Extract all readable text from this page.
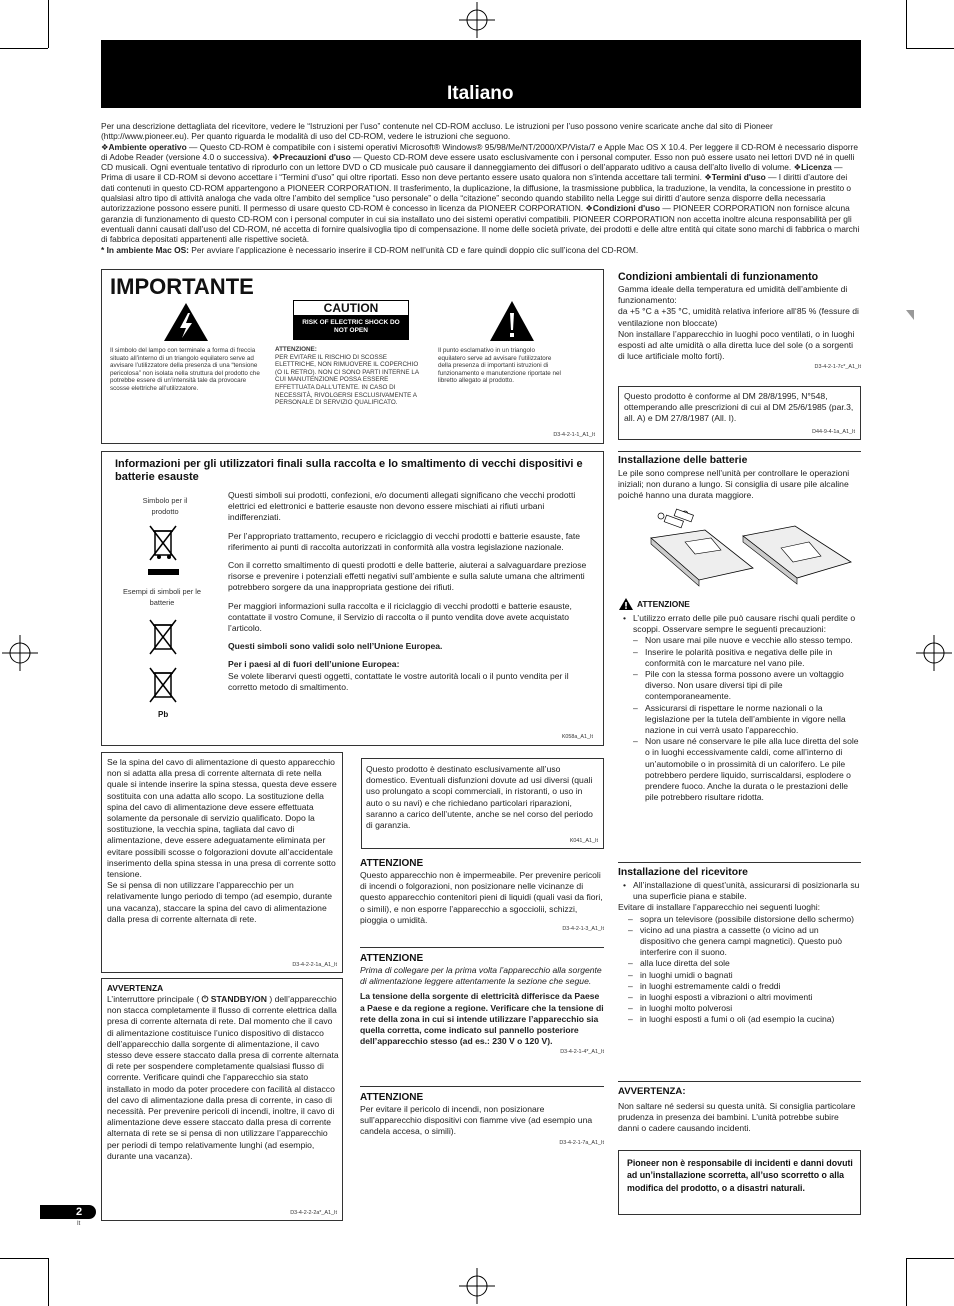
Italiano
Per una descrizione dettagliata del ricevitore, vedere le “Istruzioni per l’uso” contenute nel CD-ROM accluso. Le istruzioni per l’uso possono venire scaricate anche dal sito di Pioneer (http://www.pioneer.eu). Per quanto riguarda le modalità di uso del CD-ROM, vedere le istruzioni che seguono.
❖Ambiente operativo — Questo CD-ROM è compatibile con i sistemi operativi Microsoft® Windows® 95/98/Me/NT/2000/XP/Vista/7 e Apple Mac OS X 10.4. Per leggere il CD-ROM è necessario disporre di Adobe Reader (versione 4.0 o successiva). ❖Precauzioni d'uso — Questo CD-ROM deve essere usato esclusivamente con i personal computer. Esso non può essere usato nei lettori DVD né in quelli CD musicali. Ogni eventuale tentativo di riprodurlo con un lettore DVD o CD musicale può causare il danneggiamento dei diffusori o dell’apparato uditivo a causa dell’alto livello di volume. ❖Licenza — Prima di usare il CD-ROM si devono accettare i “Termini d’uso” qui oltre riportati. Esso non deve pertanto essere usato qualora non s’intenda accettare tali termini. ❖Termini d'uso — I diritti d’autore dei dati contenuti in questo CD-ROM appartengono a PIONEER CORPORATION. Il trasferimento, la duplicazione, la diffusione, la trasmissione pubblica, la traduzione, la vendita, la concessione in prestito o qualsiasi altro tipo di attività analoga che vada oltre l’ambito del semplice “uso personale” o della “citazione” secondo quando stabilito nella Legge sui diritti d’autore senza disporre della necessaria autorizzazione possono essere puniti. Il permesso di usare questo CD-ROM è concesso in licenza da PIONEER CORPORATION. ❖Condizioni d'uso — PIONEER CORPORATION non fornisce alcuna garanzia di funzionamento di questo CD-ROM con i personal computer in cui sia installato uno dei sistemi operativi compatibili. PIONEER CORPORATION non accetta inoltre alcuna responsabilità per gli eventuali danni causati dall’uso del CD-ROM, né accetta di fornire qualsivoglia tipo di compensazione. Il nome delle società private, dei prodotti e delle altre entità qui citate sono marchi di fabbrica o marchi di fabbrica depositati appartenenti alle rispettive società.
* In ambiente Mac OS: Per avviare l’applicazione è necessario inserire il CD-ROM nell’unità CD e fare quindi doppio clic sull’icona del CD-ROM.
IMPORTANTE
CAUTION
RISK OF ELECTRIC SHOCK DO NOT OPEN
Il simbolo del lampo con terminale a forma di freccia situato all’interno di un triangolo equilatero serve ad avvisare l’utilizzatore della presenza di una “tensione pericolosa” non isolata nella struttura del prodotto che potrebbe essere di un’intensità tale da provocare scosse elettriche all’utilizzatore.
ATTENZIONE:
PER EVITARE IL RISCHIO DI SCOSSE ELETTRICHE, NON RIMUOVERE IL COPERCHIO (O IL RETRO). NON CI SONO PARTI INTERNE LA CUI MANUTENZIONE POSSA ESSERE EFFETTUATA DALL’UTENTE. IN CASO DI NECESSITÀ, RIVOLGERSI ESCLUSIVAMENTE A PERSONALE DI SERVIZIO QUALIFICATO.
Il punto esclamativo in un triangolo equilatero serve ad avvisare l’utilizzatore della presenza di importanti istruzioni di funzionamento e manutenzione riportate nel libretto allegato al prodotto.
D3-4-2-1-1_A1_It
Condizioni ambientali di funzionamento
Gamma ideale della temperatura ed umidità dell’ambiente di funzionamento:
da +5 °C a +35 °C, umidità relativa inferiore all‘85 % (fessure di ventilazione non bloccate)
Non installare l’apparecchio in luoghi poco ventilati, o in luoghi esposti ad alte umidità o alla diretta luce del sole (o a sorgenti di luce artificiale molto forti).
D3-4-2-1-7c*_A1_It
Questo prodotto è conforme al DM 28/8/1995, N°548, ottemperando alle prescrizioni di cui al DM 25/6/1985 (par.3, all. A) e DM 27/8/1987 (All. I).
D44-9-4-1a_A1_It
Informazioni per gli utilizzatori finali sulla raccolta e lo smaltimento di vecchi dispositivi e batterie esauste
Simbolo per il prodotto
Esempi di simboli per le batterie
Pb
Questi simboli sui prodotti, confezioni, e/o documenti allegati significano che vecchi prodotti elettrici ed elettronici e batterie esauste non devono essere mischiati ai rifiuti urbani indifferenziati.
Per l’appropriato trattamento, recupero e riciclaggio di vecchi prodotti e batterie esauste, fate riferimento ai punti di raccolta autorizzati in conformità alla vostra legislazione nazionale.
Con il corretto smaltimento di questi prodotti e delle batterie, aiuterai a salvaguardare preziose risorse e prevenire i potenziali effetti negativi sull’ambiente e sulla salute umana che altrimenti potrebbero sorgere da una inappropriata gestione dei rifiuti.
Per maggiori informazioni sulla raccolta e il riciclaggio di vecchi prodotti e batterie esauste, contattate il vostro Comune, il Servizio di raccolta o il punto vendita dove avete acquistato l’articolo.
Questi simboli sono validi solo nell’Unione Europea.
Per i paesi al di fuori dell’unione Europea:
Se volete liberarvi questi oggetti, contattate le vostre autorità locali o il punto vendita per il corretto metodo di smaltimento.
K058a_A1_It
Installazione delle batterie
Le pile sono comprese nell’unità per controllare le operazioni iniziali; non durano a lungo. Si consiglia di usare pile alcaline poiché hanno una durata maggiore.
ATTENZIONE
• L’utilizzo errato delle pile può causare rischi quali perdite o scoppi. Osservare sempre le seguenti precauzioni:
– Non usare mai pile nuove e vecchie allo stesso tempo.
– Inserire le polarità positiva e negativa delle pile in conformità con le marcature nel vano pile.
– Pile con la stessa forma possono avere un voltaggio diverso. Non usare diversi tipi di pile contemporaneamente.
– Assicurarsi di rispettare le norme nazionali o la legislazione per la tutela dell’ambiente in vigore nella nazione in cui verrà usato l’apparecchio.
– Non usare né conservare le pile alla luce diretta del sole o in luoghi eccessivamente caldi, come all’interno di un’automobile o in prossimità di un calorifero. Le pile potrebbero perdere liquido, surriscaldarsi, esplodere o prendere fuoco. Anche la durata o le prestazioni delle pile potrebbero risultare ridotta.
Installazione del ricevitore
• All’installazione di quest’unità, assicurarsi di posizionarla su una superficie piana e stabile.
Evitare di installare l’apparecchio nei seguenti luoghi:
– sopra un televisore (possibile distorsione dello schermo)
– vicino ad una piastra a cassette (o vicino ad un dispositivo che genera campi magnetici). Questo può interferire con il suono.
– alla luce diretta del sole
– in luoghi umidi o bagnati
– in luoghi estremamente caldi o freddi
– in luoghi esposti a vibrazioni o altri movimenti
– in luoghi molto polverosi
– in luoghi esposti a fumi o oli (ad esempio la cucina)
AVVERTENZA:
Non saltare né sedersi su questa unità. Si consiglia particolare prudenza in presenza dei bambini. L’unità potrebbe subire danni o cadere causando incidenti.
Pioneer non è responsabile di incidenti e danni dovuti ad un’installazione scorretta, all’uso scorretto o alla modifica del prodotto, o a disastri naturali.
Se la spina del cavo di alimentazione di questo apparecchio non si adatta alla presa di corrente alternata di rete nella quale si intende inserire la spina stessa, questa deve essere sostituita con una adatta allo scopo. La sostituzione della spina del cavo di alimentazione deve essere effettuata solamente da personale di servizio qualificato. Dopo la sostituzione, la vecchia spina, tagliata dal cavo di alimentazione, deve essere adeguatamente eliminata per evitare possibili scosse o folgorazioni dovute all’accidentale inserimento della spina stessa in una presa di corrente sotto tensione.
Se si pensa di non utilizzare l’apparecchio per un relativamente lungo periodo di tempo (ad esempio, durante una vacanza), staccare la spina del cavo di alimentazione dalla presa di corrente alternata di rete.
D3-4-2-2-1a_A1_It
AVVERTENZA
L’interruttore principale ( ⏻ STANDBY/ON ) dell’apparecchio non stacca completamente il flusso di corrente elettrica dalla presa di corrente alternata di rete. Dal momento che il cavo di alimentazione costituisce l’unico dispositivo di distacco dell’apparecchio dalla sorgente di alimentazione, il cavo stesso deve essere staccato dalla presa di corrente alternata di rete per sospendere completamente qualsiasi flusso di corrente. Verificare quindi che l’apparecchio sia stato installato in modo da poter procedere con facilità al distacco del cavo di alimentazione dalla presa di corrente, in caso di necessità. Per prevenire pericoli di incendi, inoltre, il cavo di alimentazione deve essere staccato dalla presa di corrente alternata di rete se si pensa di non utilizzare l’apparecchio per periodi di tempo relativamente lunghi (ad esempio, durante una vacanza).
D3-4-2-2-2a*_A1_It
Questo prodotto è destinato esclusivamente all’uso domestico. Eventuali disfunzioni dovute ad usi diversi (quali uso prolungato a scopi commerciali, in ristoranti, o uso in auto o su navi) e che richiedano particolari riparazioni, saranno a carico dell’utente, anche se nel corso del periodo di garanzia.
K041_A1_It
ATTENZIONE
Questo apparecchio non è impermeabile. Per prevenire pericoli di incendi o folgorazioni, non posizionare nelle vicinanze di questo apparecchio contenitori pieni di liquidi (quali vasi da fiori, o simili), e non esporre l’apparecchio a sgocciolii, schizzi, pioggia o umidità.
D3-4-2-1-3_A1_It
ATTENZIONE
Prima di collegare per la prima volta l’apparecchio alla sorgente di alimentazione leggere attentamente la sezione che segue.
La tensione della sorgente di elettricità differisce da Paese a Paese e da regione a regione. Verificare che la tensione di rete della zona in cui si intende utilizzare l’apparecchio sia quella corretta, come indicato sul pannello posteriore dell’apparecchio stesso (ad es.: 230 V o 120 V).
D3-4-2-1-4*_A1_It
ATTENZIONE
Per evitare il pericolo di incendi, non posizionare sull’apparecchio dispositivi con fiamme vive (ad esempio una candela accesa, o simili).
D3-4-2-1-7a_A1_It
2
It
